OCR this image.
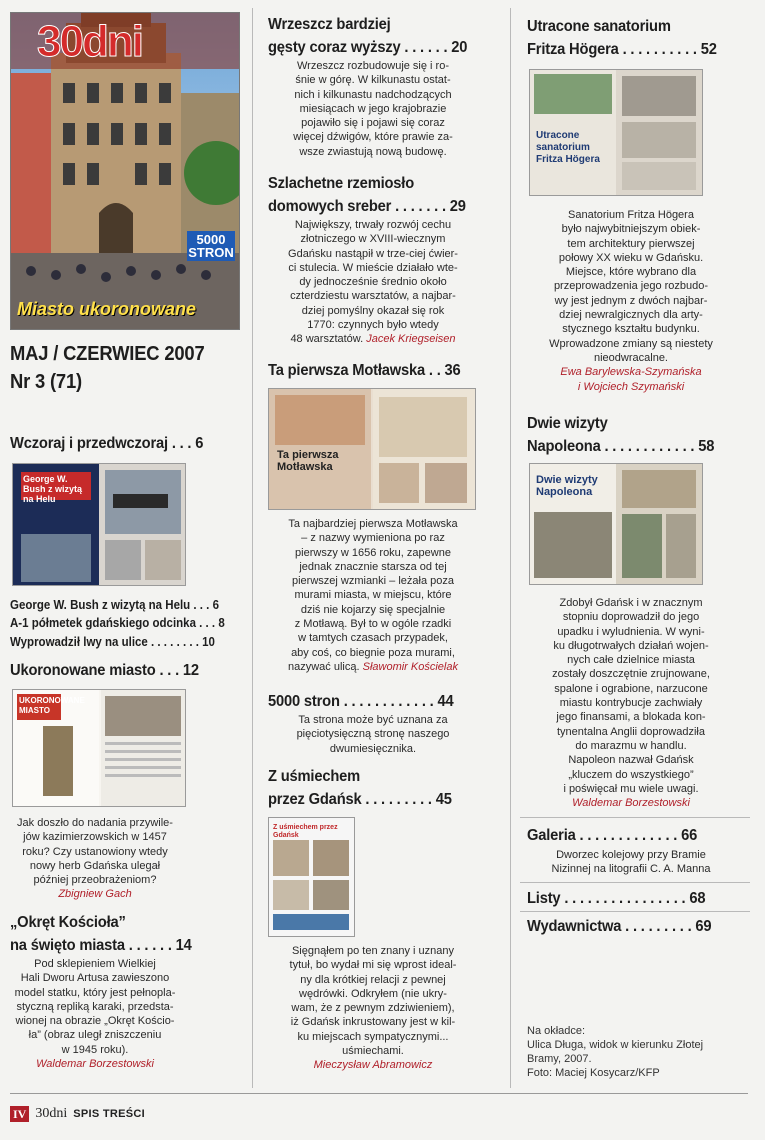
30dni
5000 STRON
Miasto ukoronowane
MAJ / CZERWIEC 2007
Nr 3 (71)
Wczoraj i przedwczoraj . . . 6
George W. Bush z wizytą na Helu
George W. Bush z wizytą na Helu . . . 6
A-1 półmetek gdańskiego odcinka . . . 8
Wyprowadził lwy na ulice . . . . . . . . 10
Ukoronowane miasto . . . 12
UKORONOWANE MIASTO
Jak doszło do nadania przywile-
jów kazimierzowskich w 1457
roku? Czy ustanowiony wtedy
nowy herb Gdańska ulegał
później przeobrażeniom?
Zbigniew Gach
„Okręt Kościoła”
na święto miasta . . . . . . 14
Pod sklepieniem Wielkiej
Hali Dworu Artusa zawieszono
model statku, który jest pełnopla-
styczną repliką karaki, przedsta-
wionej na obrazie „Okręt Kościo-
ła” (obraz uległ zniszczeniu
w 1945 roku).
Waldemar Borzestowski
Wrzeszcz bardziej
gęsty coraz wyższy . . . . . . 20
Wrzeszcz rozbudowuje się i ro-
śnie w górę. W kilkunastu ostat-
nich i kilkunastu nadchodzących
miesiącach w jego krajobrazie
pojawiło się i pojawi się coraz
więcej dźwigów, które prawie za-
wsze zwiastują nową budowę.
Szlachetne rzemiosło
domowych sreber . . . . . . . 29
Największy, trwały rozwój cechu
złotniczego w XVIII-wiecznym
Gdańsku nastąpił w trze-ciej ćwier-
ci stulecia. W mieście działało wte-
dy jednocześnie średnio około
czterdziestu warsztatów, a najbar-
dziej pomyślny okazał się rok
1770: czynnych było wtedy
48 warsztatów. Jacek Kriegseisen
Ta pierwsza Motławska . . 36
Ta pierwsza Motławska
Ta najbardziej pierwsza Motławska
– z nazwy wymieniona po raz
pierwszy w 1656 roku, zapewne
jednak znacznie starsza od tej
pierwszej wzmianki – leżała poza
murami miasta, w miejscu, które
dziś nie kojarzy się specjalnie
z Motławą. Był to w ogóle rzadki
w tamtych czasach przypadek,
aby coś, co biegnie poza murami,
nazywać ulicą. Sławomir Kościelak
5000 stron . . . . . . . . . . . . 44
Ta strona może być uznana za
pięciotysięczną stronę naszego
dwumiesięcznika.
Z uśmiechem
przez Gdańsk . . . . . . . . . 45
Z uśmiechem przez Gdańsk
Sięgnąłem po ten znany i uznany
tytuł, bo wydał mi się wprost ideal-
ny dla krótkiej relacji z pewnej
wędrówki. Odkryłem (nie ukry-
wam, że z pewnym zdziwieniem),
iż Gdańsk inkrustowany jest w kil-
ku miejscach sympatycznymi...
uśmiechami.
Mieczysław Abramowicz
Utracone sanatorium
Fritza Högera . . . . . . . . . . 52
Utracone sanatorium Fritza Högera
Sanatorium Fritza Högera
było najwybitniejszym obiek-
tem architektury pierwszej
połowy XX wieku w Gdańsku.
Miejsce, które wybrano dla
przeprowadzenia jego rozbudo-
wy jest jednym z dwóch najbar-
dziej newralgicznych dla arty-
stycznego kształtu budynku.
Wprowadzone zmiany są niestety
nieodwracalne.
Ewa Barylewska-Szymańska
i Wojciech Szymański
Dwie wizyty
Napoleona . . . . . . . . . . . . 58
Dwie wizyty Napoleona
Zdobył Gdańsk i w znacznym
stopniu doprowadził do jego
upadku i wyludnienia. W wyni-
ku długotrwałych działań wojen-
nych całe dzielnice miasta
zostały doszczętnie zrujnowane,
spalone i ograbione, narzucone
miastu kontrybucje zachwiały
jego finansami, a blokada kon-
tynentalna Anglii doprowadziła
do marazmu w handlu.
Napoleon nazwał Gdańsk
„kluczem do wszystkiego”
i poświęcał mu wiele uwagi.
Waldemar Borzestowski
Galeria . . . . . . . . . . . . . 66
Dworzec kolejowy przy Bramie
Nizinnej na litografii C. A. Manna
Listy . . . . . . . . . . . . . . . . 68
Wydawnictwa . . . . . . . . . 69
Na okładce:
Ulica Długa, widok w kierunku Złotej
Bramy, 2007.
Foto: Maciej Kosycarz/KFP
IV 30dni SPIS TREŚCI
